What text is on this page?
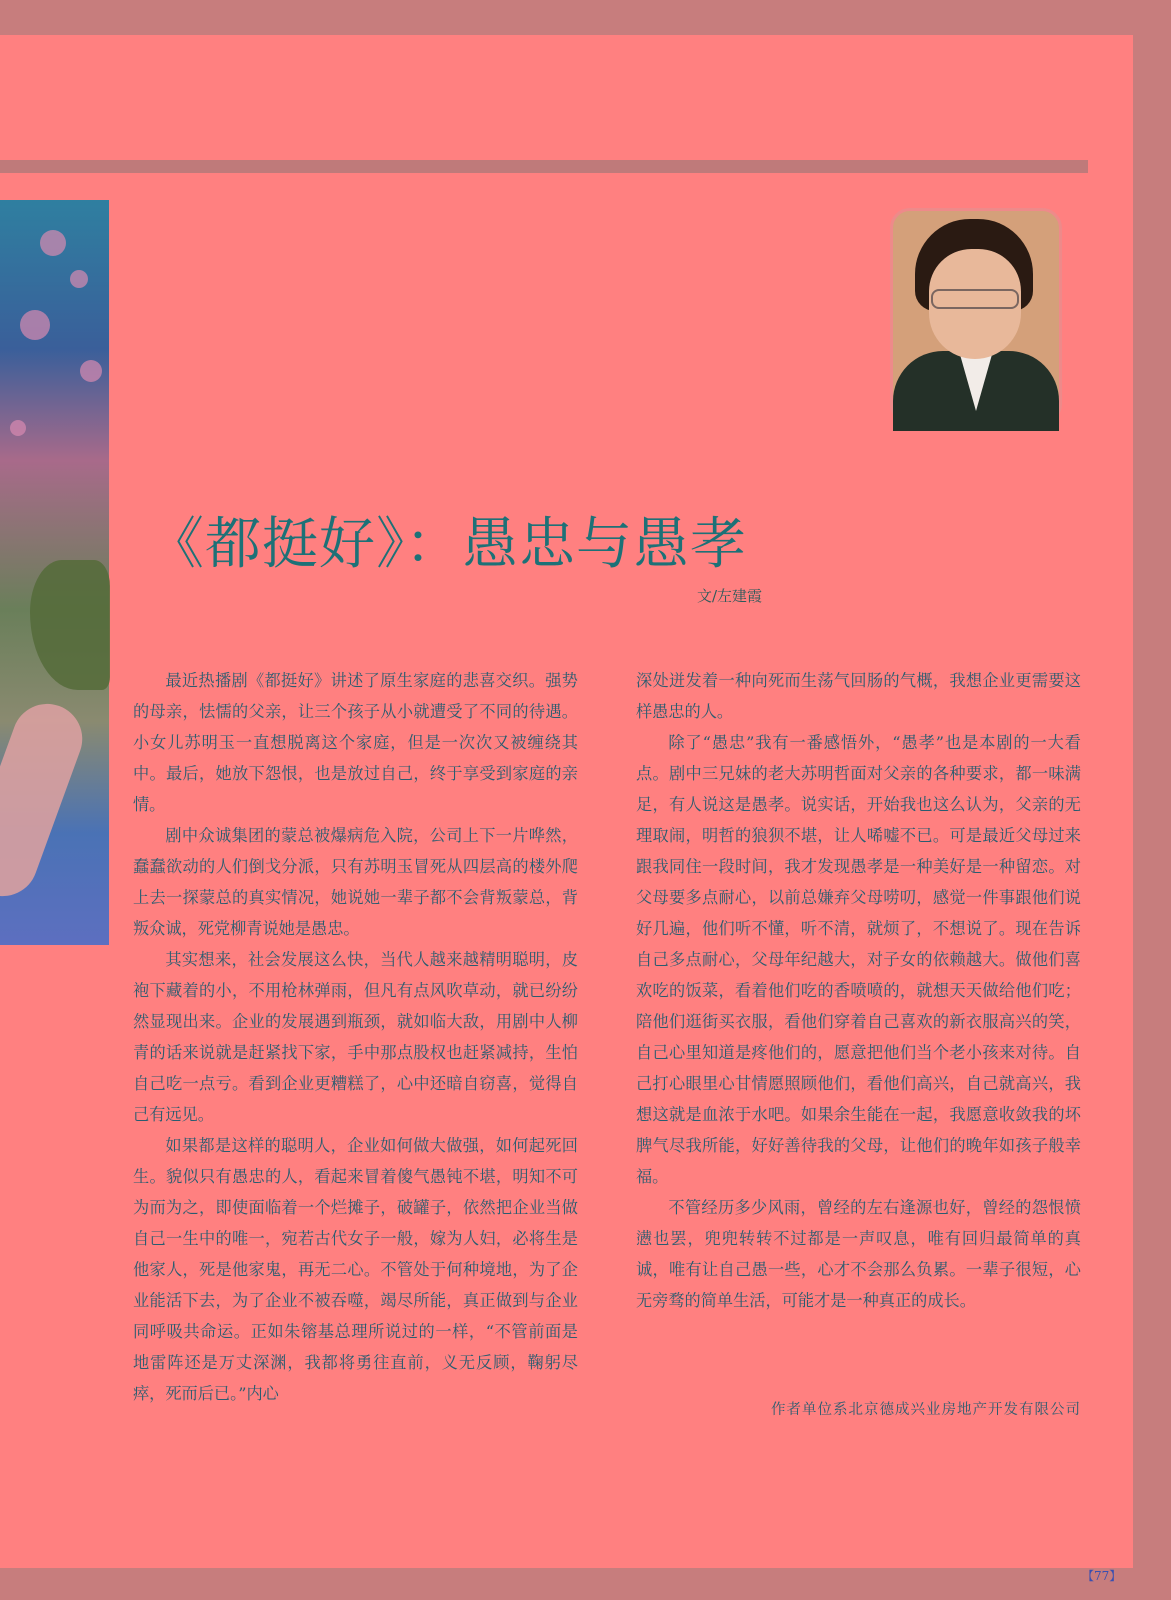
《都挺好》：愚忠与愚孝
文/左建霞

最近热播剧《都挺好》讲述了原生家庭的悲喜交织。强势的母亲，怯懦的父亲，让三个孩子从小就遭受了不同的待遇。小女儿苏明玉一直想脱离这个家庭，但是一次次又被缠绕其中。最后，她放下怨恨，也是放过自己，终于享受到家庭的亲情。

剧中众诚集团的蒙总被爆病危入院，公司上下一片哗然，蠢蠢欲动的人们倒戈分派，只有苏明玉冒死从四层高的楼外爬上去一探蒙总的真实情况，她说她一辈子都不会背叛蒙总，背叛众诚，死党柳青说她是愚忠。

其实想来，社会发展这么快，当代人越来越精明聪明，皮袍下藏着的小，不用枪林弹雨，但凡有点风吹草动，就已纷纷然显现出来。企业的发展遇到瓶颈，就如临大敌，用剧中人柳青的话来说就是赶紧找下家，手中那点股权也赶紧减持，生怕自己吃一点亏。看到企业更糟糕了，心中还暗自窃喜，觉得自己有远见。

如果都是这样的聪明人，企业如何做大做强，如何起死回生。貌似只有愚忠的人，看起来冒着傻气愚钝不堪，明知不可为而为之，即使面临着一个烂摊子，破罐子，依然把企业当做自己一生中的唯一，宛若古代女子一般，嫁为人妇，必将生是他家人，死是他家鬼，再无二心。不管处于何种境地，为了企业能活下去，为了企业不被吞噬，竭尽所能，真正做到与企业同呼吸共命运。正如朱镕基总理所说过的一样，“不管前面是地雷阵还是万丈深渊，我都将勇往直前，义无反顾，鞠躬尽瘁，死而后已。”内心

深处迸发着一种向死而生荡气回肠的气概，我想企业更需要这样愚忠的人。

除了“愚忠”我有一番感悟外，“愚孝”也是本剧的一大看点。剧中三兄妹的老大苏明哲面对父亲的各种要求，都一味满足，有人说这是愚孝。说实话，开始我也这么认为，父亲的无理取闹，明哲的狼狈不堪，让人唏嘘不已。可是最近父母过来跟我同住一段时间，我才发现愚孝是一种美好是一种留恋。对父母要多点耐心，以前总嫌弃父母唠叨，感觉一件事跟他们说好几遍，他们听不懂，听不清，就烦了，不想说了。现在告诉自己多点耐心，父母年纪越大，对子女的依赖越大。做他们喜欢吃的饭菜，看着他们吃的香喷喷的，就想天天做给他们吃；陪他们逛街买衣服，看他们穿着自己喜欢的新衣服高兴的笑，自己心里知道是疼他们的，愿意把他们当个老小孩来对待。自己打心眼里心甘情愿照顾他们，看他们高兴，自己就高兴，我想这就是血浓于水吧。如果余生能在一起，我愿意收敛我的坏脾气尽我所能，好好善待我的父母，让他们的晚年如孩子般幸福。

不管经历多少风雨，曾经的左右逢源也好，曾经的怨恨愤懑也罢，兜兜转转不过都是一声叹息，唯有回归最简单的真诚，唯有让自己愚一些，心才不会那么负累。一辈子很短，心无旁骛的简单生活，可能才是一种真正的成长。

作者单位系北京德成兴业房地产开发有限公司
【77】
